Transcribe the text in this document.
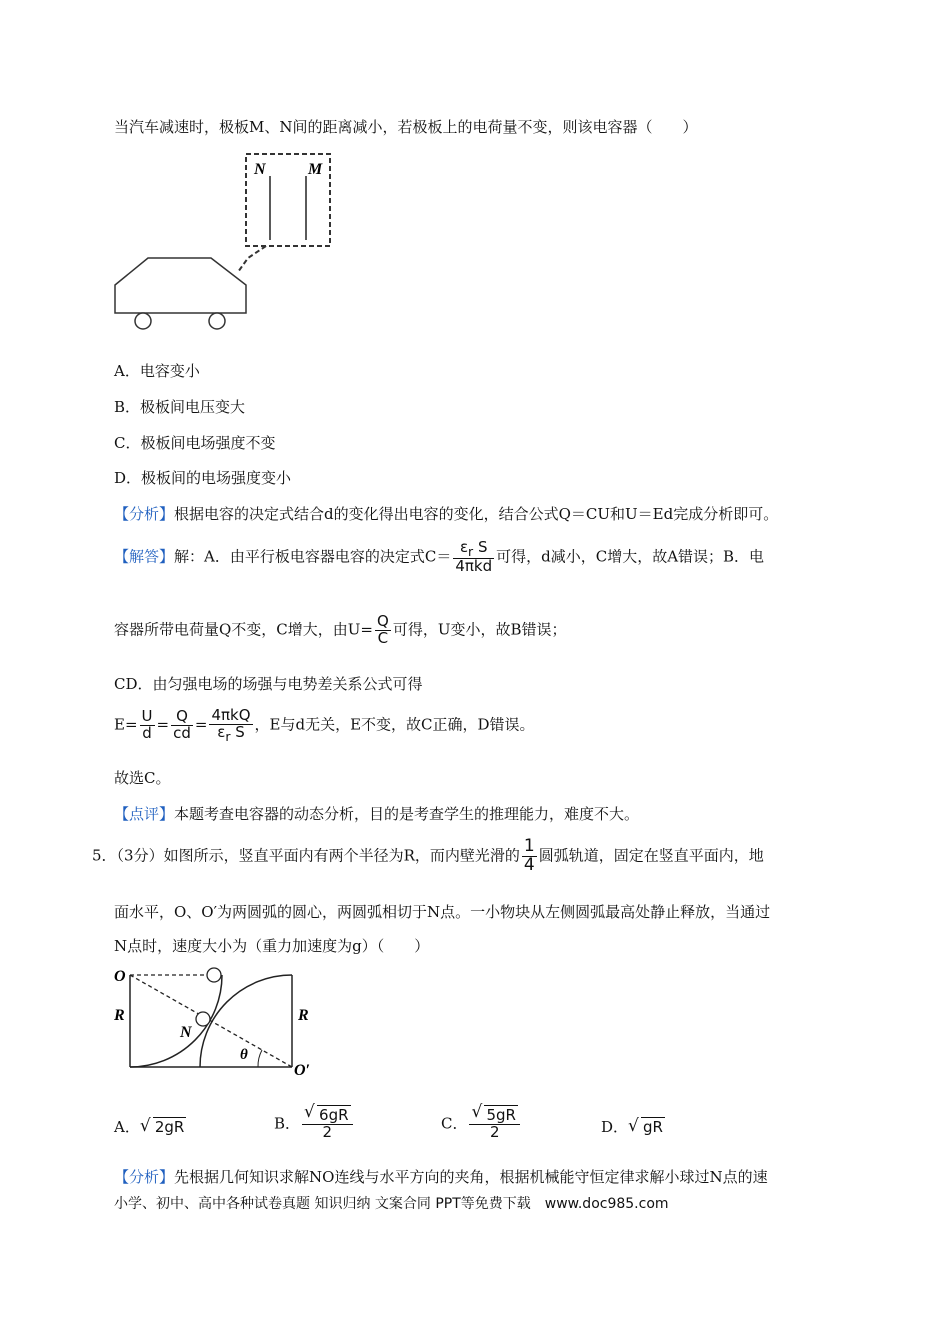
当汽车减速时，极板M、N间的距离减小，若极板上的电荷量不变，则该电容器（　　）
N	M
A．电容变小
B．极板间电压变大
C．极板间电场强度不变
D．极板间的电场强度变小
【分析】根据电容的决定式结合d的变化得出电容的变化，结合公式Q＝CU和U＝Ed完成分析即可。
【解答】解：A．由平行板电容器电容的决定式$C= \frac{\varepsilon_r S}{\text{4πkd}}$ 可得，d减小，C增大，故A错误；B．电
容器所带电荷量Q不变，C增大，由$U= \frac{Q}{C}$ 可得，U变小，故B错误；
CD．由匀强电场的场强与电势差关系公式可得
$E= \frac{U}{d} = \frac{Q}{cd} = \frac{\text{4πkQ}}{\varepsilon_r S}$ ，E与d无关，E不变，故C正确，D错误。
故选C。
【点评】本题考查电容器的动态分析，目的是考查学生的推理能力，难度不大。
5．（3分）如图所示，竖直平面内有两个半径为R，而内壁光滑的 $\frac{1}{4}$ 圆弧轨道，固定在竖直平面内，地
面水平，O、O′为两圆弧的圆心，两圆弧相切于N点。一小物块从左侧圆弧最高处静止释放，当通过
N点时，速度大小为（重力加速度为g）（　　）
O
R	R
N
θ
O′
A． √ 2gR	B． $\frac{√ 6gR}{2}$	C． $\frac{√ 5gR}{2}$	D． √ gR
【分析】先根据几何知识求解NO连线与水平方向的夹角，根据机械能守恒定律求解小球过N点的速
小学、初中、高中各种试卷真题 知识归纳 文案合同 PPT等免费下载　www.doc985.com
